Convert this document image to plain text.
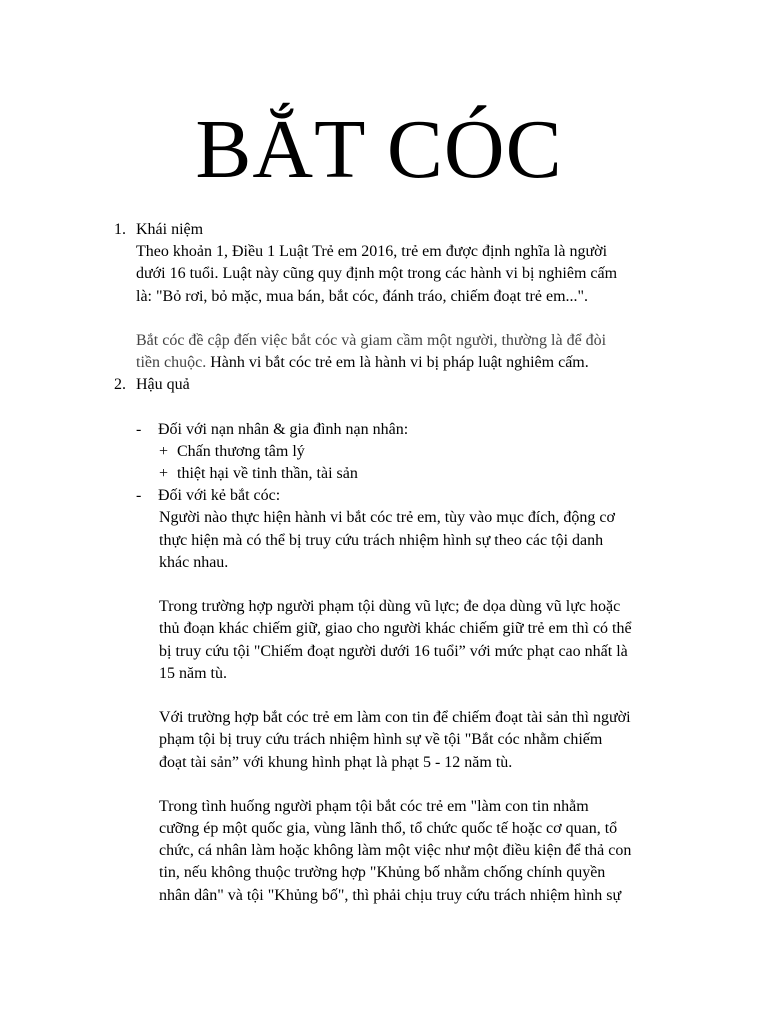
BẮT CÓC
1. Khái niệm
Theo khoản 1, Điều 1 Luật Trẻ em 2016, trẻ em được định nghĩa là người
dưới 16 tuổi. Luật này cũng quy định một trong các hành vi bị nghiêm cấm
là: "Bỏ rơi, bỏ mặc, mua bán, bắt cóc, đánh tráo, chiếm đoạt trẻ em...".
Bắt cóc đề cập đến việc bắt cóc và giam cầm một người, thường là để đòi
tiền chuộc. Hành vi bắt cóc trẻ em là hành vi bị pháp luật nghiêm cấm.
2. Hậu quả
- Đối với nạn nhân & gia đình nạn nhân:
+ Chấn thương tâm lý
+ thiệt hại về tinh thần, tài sản
- Đối với kẻ bắt cóc:
Người nào thực hiện hành vi bắt cóc trẻ em, tùy vào mục đích, động cơ
thực hiện mà có thể bị truy cứu trách nhiệm hình sự theo các tội danh
khác nhau.
Trong trường hợp người phạm tội dùng vũ lực; đe dọa dùng vũ lực hoặc
thủ đoạn khác chiếm giữ, giao cho người khác chiếm giữ trẻ em thì có thể
bị truy cứu tội "Chiếm đoạt người dưới 16 tuổi” với mức phạt cao nhất là
15 năm tù.
Với trường hợp bắt cóc trẻ em làm con tin để chiếm đoạt tài sản thì người
phạm tội bị truy cứu trách nhiệm hình sự về tội "Bắt cóc nhằm chiếm
đoạt tài sản” với khung hình phạt là phạt 5 - 12 năm tù.
Trong tình huống người phạm tội bắt cóc trẻ em "làm con tin nhằm
cưỡng ép một quốc gia, vùng lãnh thổ, tổ chức quốc tế hoặc cơ quan, tổ
chức, cá nhân làm hoặc không làm một việc như một điều kiện để thả con
tin, nếu không thuộc trường hợp "Khủng bố nhằm chống chính quyền
nhân dân" và tội "Khủng bố", thì phải chịu truy cứu trách nhiệm hình sự
